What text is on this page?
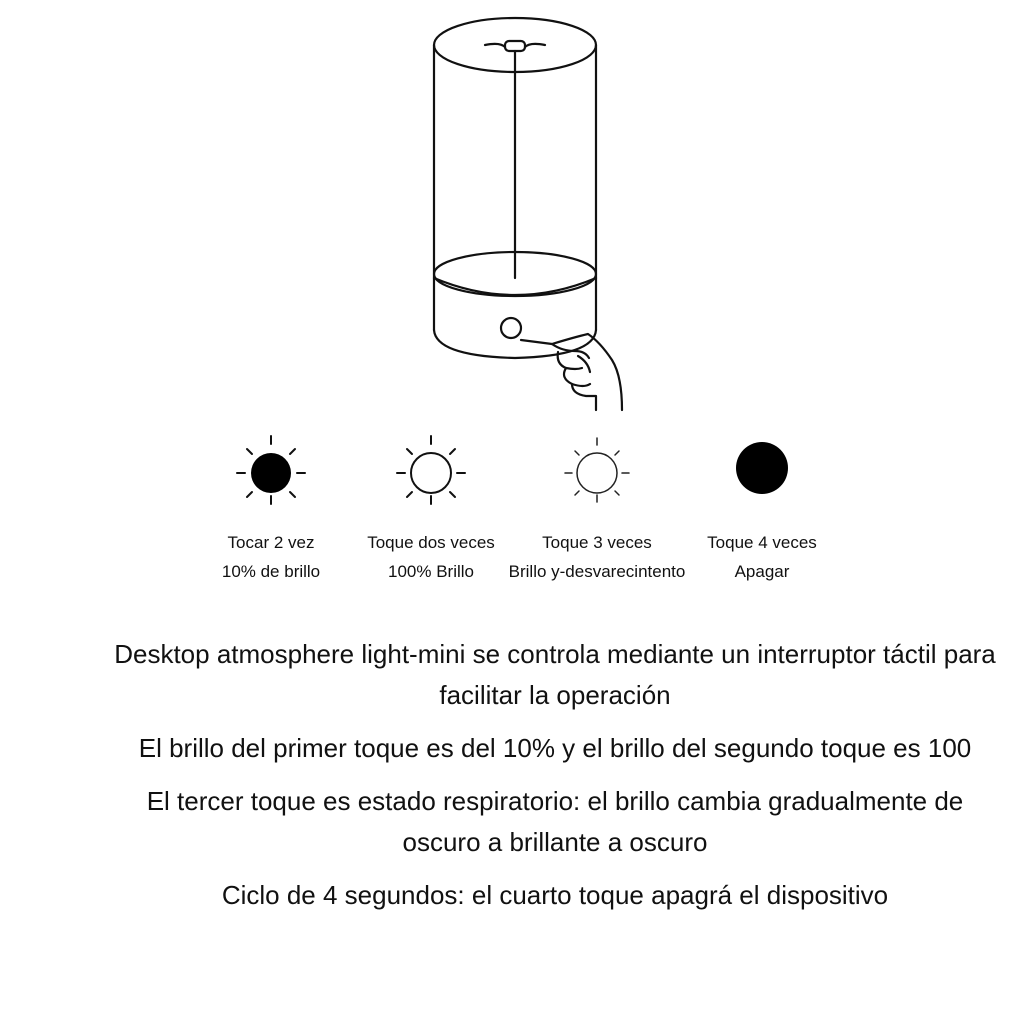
Tocar 2 vez
10% de brillo
Toque dos veces
100% Brillo
Toque 3 veces
Brillo y-desvarecintento
Toque 4 veces
Apagar

Desktop atmosphere light-mini se controla mediante un interruptor táctil para facilitar la operación

El brillo del primer toque es del 10% y el brillo del segundo toque es 100

El tercer toque es estado respiratorio: el brillo cambia gradualmente de oscuro a brillante a oscuro

Ciclo de 4 segundos: el cuarto toque apagrá el dispositivo
